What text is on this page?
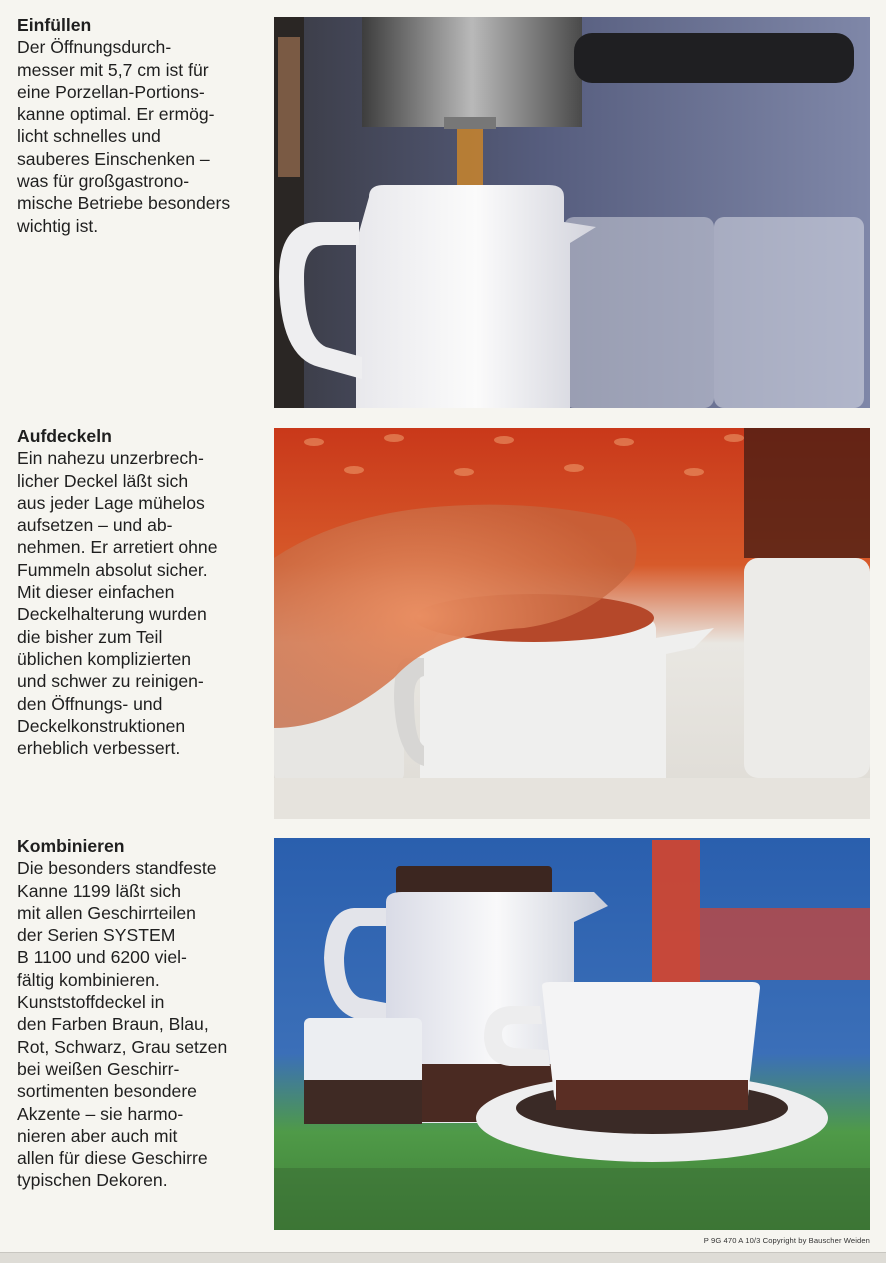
Einfüllen

Der Öffnungsdurch-
messer mit 5,7 cm ist für
eine Porzellan-Portions-
kanne optimal. Er ermög-
licht schnelles und
sauberes Einschenken –
was für großgastrono-
mische Betriebe besonders
wichtig ist.

Aufdeckeln

Ein nahezu unzerbrech-
licher Deckel läßt sich
aus jeder Lage mühelos
aufsetzen – und ab-
nehmen. Er arretiert ohne
Fummeln absolut sicher.
Mit dieser einfachen
Deckelhalterung wurden
die bisher zum Teil
üblichen komplizierten
und schwer zu reinigen-
den Öffnungs- und
Deckelkonstruktionen
erheblich verbessert.

Kombinieren

Die besonders standfeste
Kanne 1199 läßt sich
mit allen Geschirrteilen
der Serien SYSTEM
B 1100 und 6200 viel-
fältig kombinieren.
Kunststoffdeckel in
den Farben Braun, Blau,
Rot, Schwarz, Grau setzen
bei weißen Geschirr-
sortimenten besondere
Akzente – sie harmo-
nieren aber auch mit
allen für diese Geschirre
typischen Dekoren.
P 9G 470 A 10/3 Copyright by Bauscher Weiden
